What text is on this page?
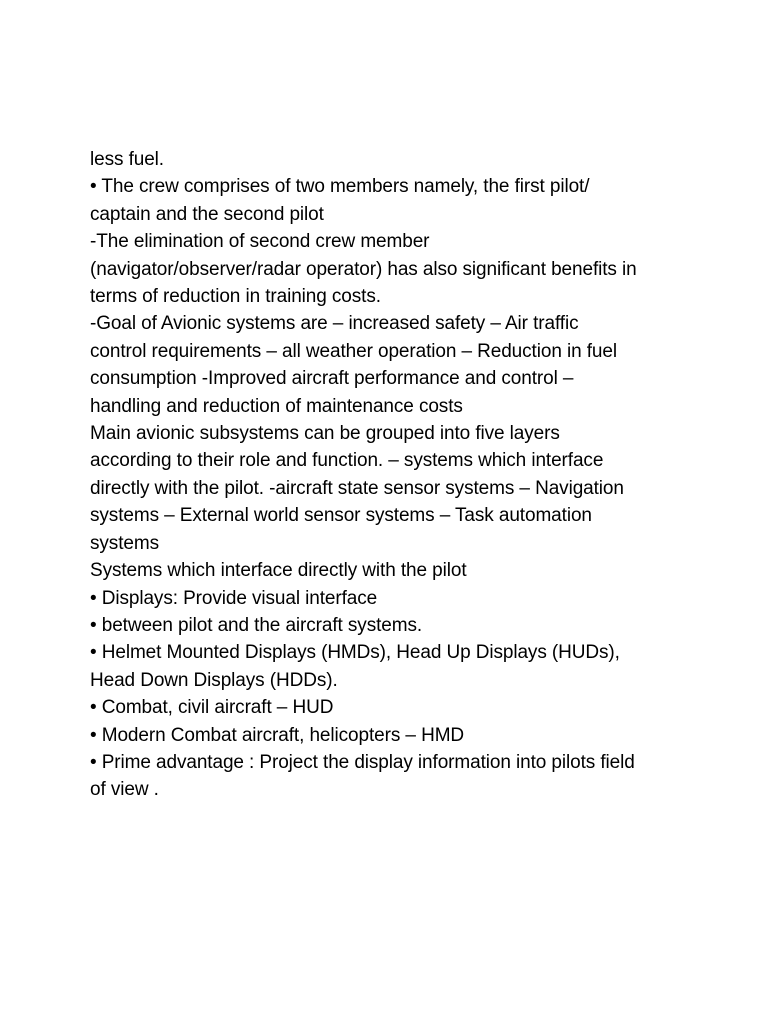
less fuel.
• The crew comprises of two members namely, the first pilot/
captain and the second pilot
-The elimination of second crew member
(navigator/observer/radar operator) has also significant benefits in
terms of reduction in training costs.
-Goal of Avionic systems are – increased safety – Air traffic
control requirements – all weather operation – Reduction in fuel
consumption -Improved aircraft performance and control –
handling and reduction of maintenance costs
Main avionic subsystems can be grouped into five layers
according to their role and function. – systems which interface
directly with the pilot. -aircraft state sensor systems – Navigation
systems – External world sensor systems – Task automation
systems
Systems which interface directly with the pilot
• Displays: Provide visual interface
• between pilot and the aircraft systems.
• Helmet Mounted Displays (HMDs), Head Up Displays (HUDs),
Head Down Displays (HDDs).
• Combat, civil aircraft – HUD
• Modern Combat aircraft, helicopters – HMD
• Prime advantage : Project the display information into pilots field
of view .
